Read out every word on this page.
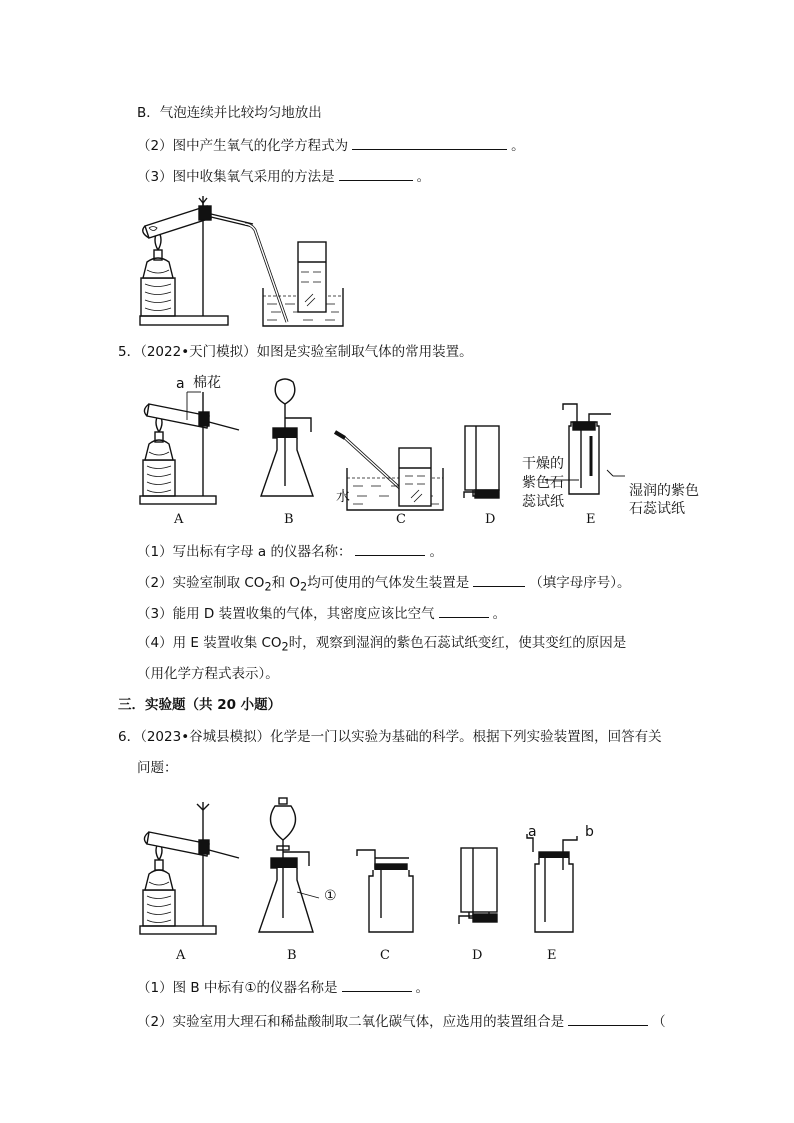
B．气泡连续并比较均匀地放出
（2）图中产生氧气的化学方程式为	。
（3）图中收集氧气采用的方法是	。
5．（2022•天门模拟）如图是实验室制取气体的常用装置。
a 棉花
水
干燥的
紫色石
蕊试纸
湿润的紫色
石蕊试纸
A	B	C	D	E
（1）写出标有字母 a 的仪器名称：	。
（2）实验室制取 $CO_2$和 $O_2$均可使用的气体发生装置是	（填字母序号）。
（3）能用 D 装置收集的气体，其密度应该比空气	。
（4）用 E 装置收集 $CO_2$时，观察到湿润的紫色石蕊试纸变红，使其变红的原因是
（用化学方程式表示）。
三．实验题（共 20 小题）
6．（2023•谷城县模拟）化学是一门以实验为基础的科学。根据下列实验装置图，回答有关
问题：
①
a	b
A	B	C	D	E
（1）图 B 中标有①的仪器名称是	。
（2）实验室用大理石和稀盐酸制取二氧化碳气体，应选用的装置组合是	（
